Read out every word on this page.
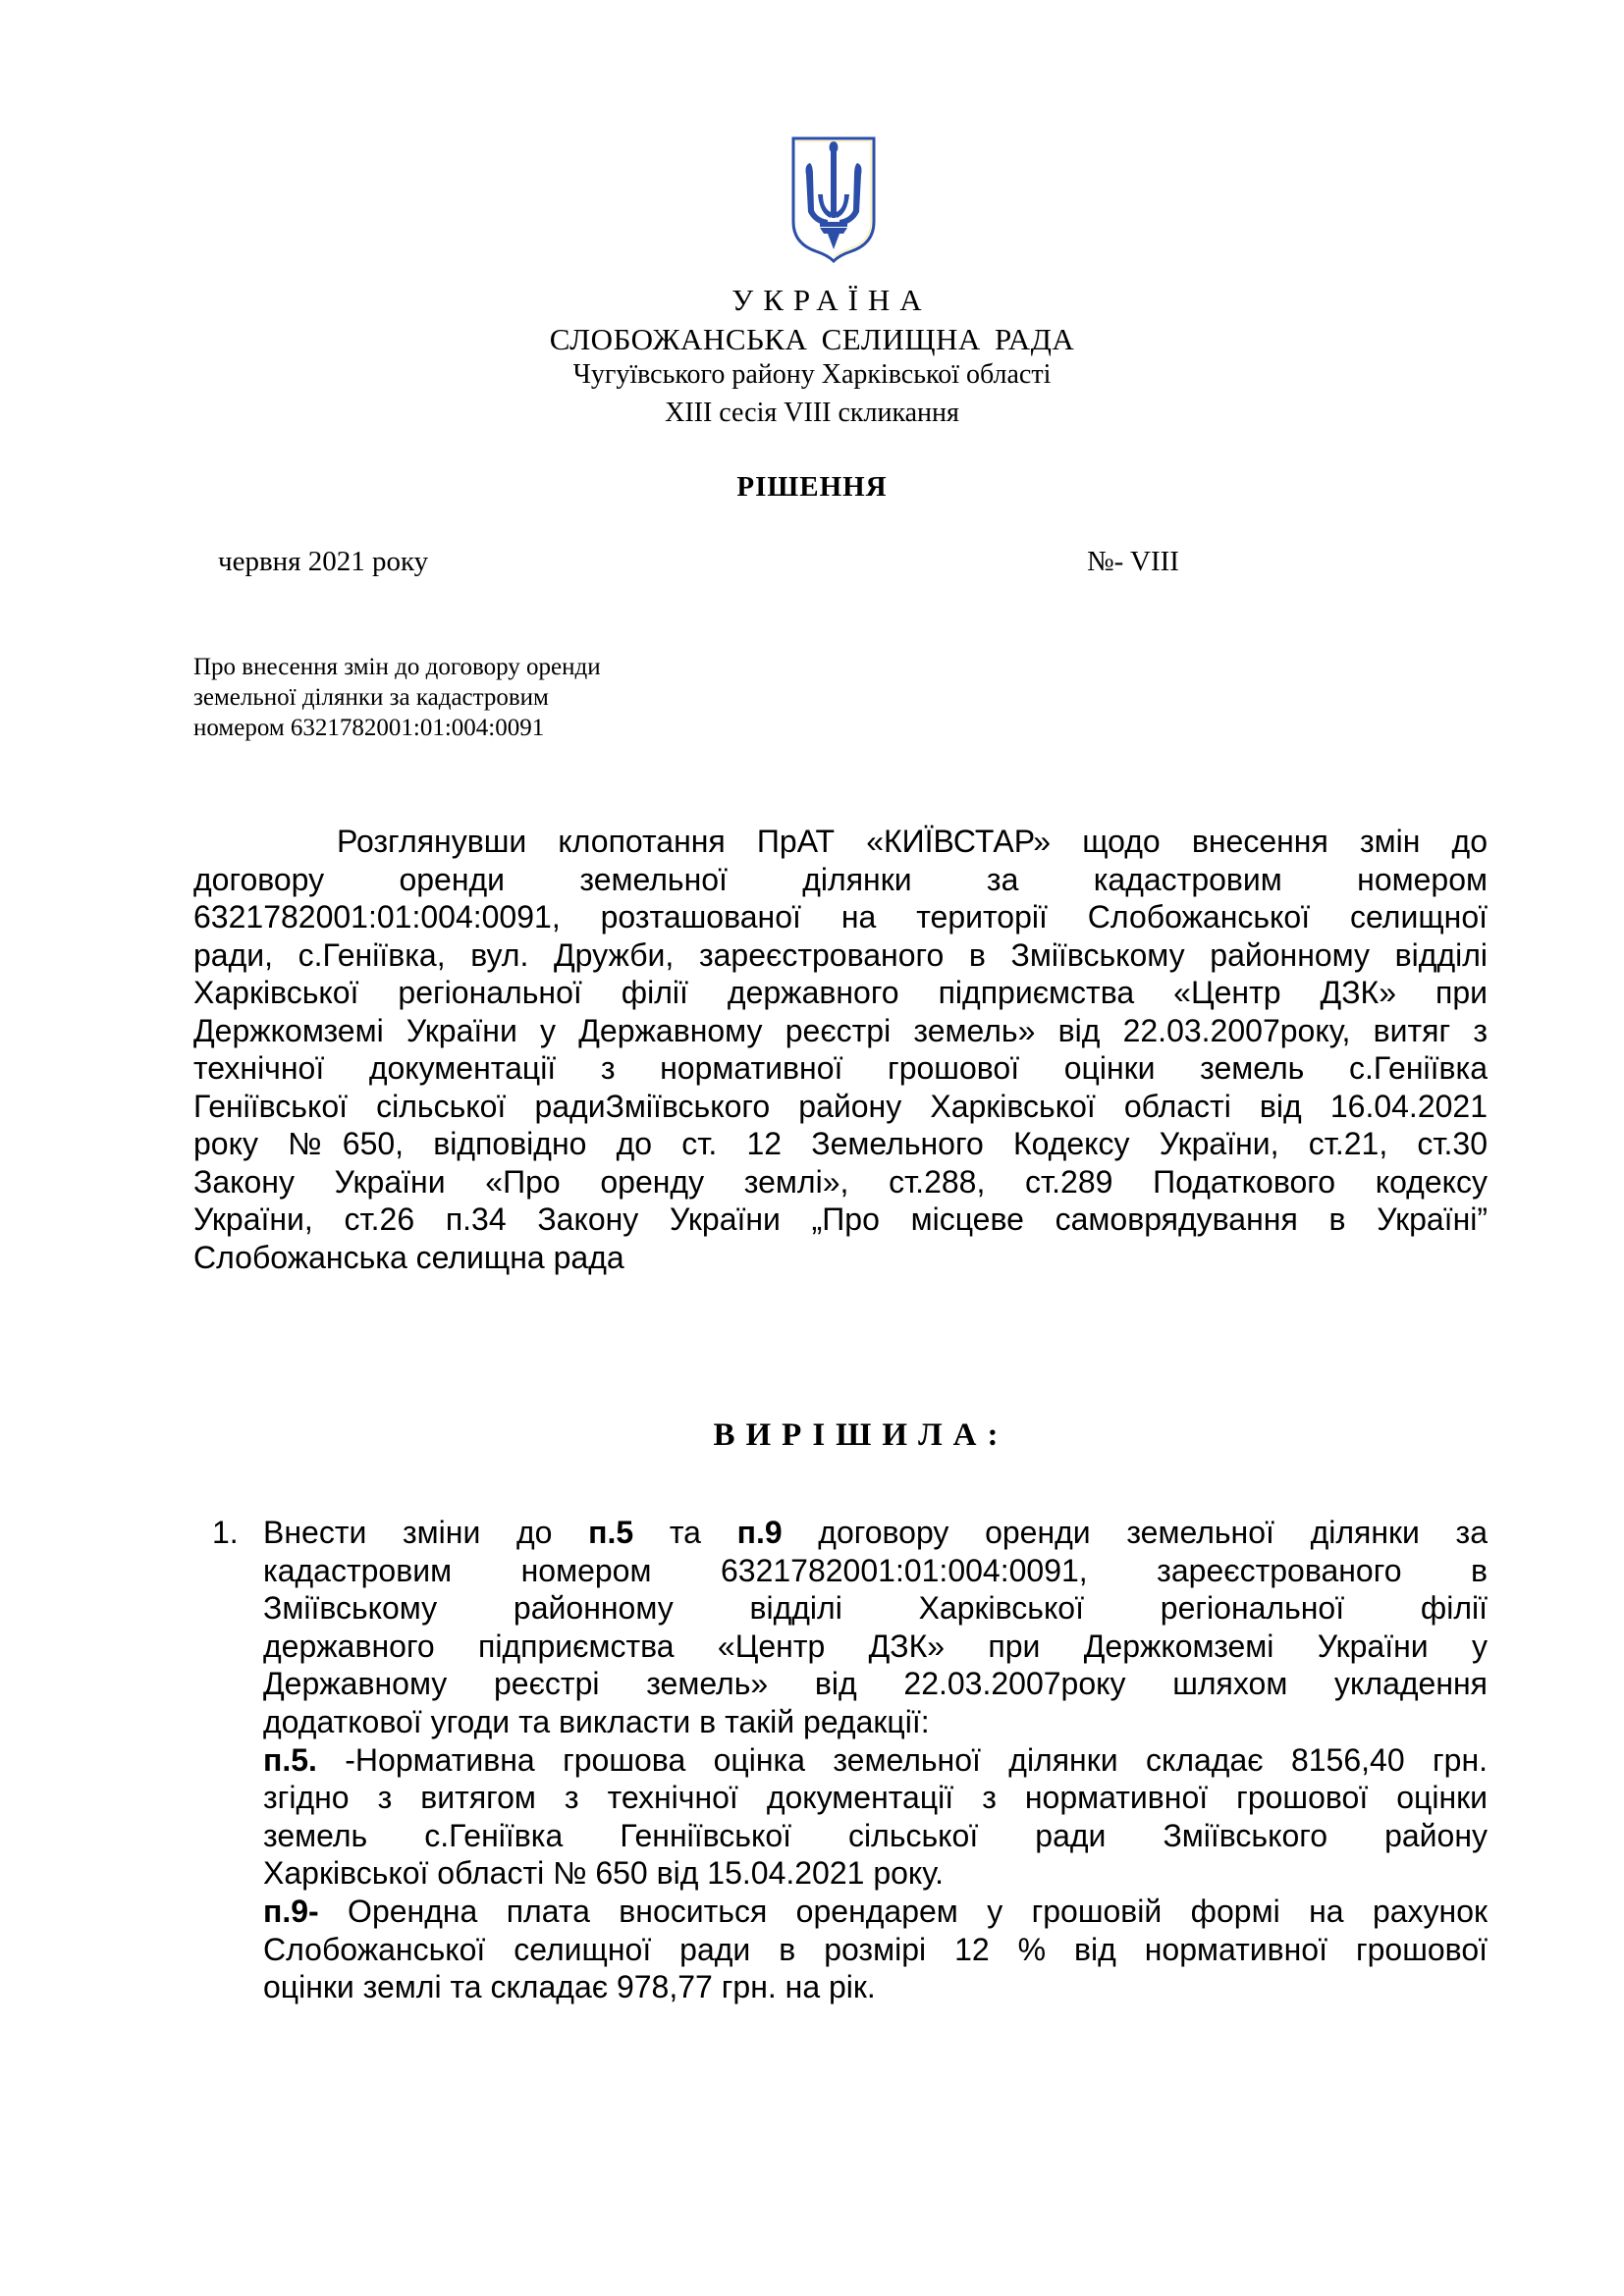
УКРАЇНА
СЛОБОЖАНСЬКА СЕЛИЩНА РАДА
Чугуївського району Харківської області
XIII сесія VIII скликання
РІШЕННЯ
червня 2021 року	№- VIII
Про внесення змін до договору оренди
земельної ділянки за кадастровим
номером 6321782001:01:004:0091
Розглянувши клопотання ПрАТ «КИЇВСТАР» щодо внесення змін до
договору оренди земельної ділянки за кадастровим номером
6321782001:01:004:0091, розташованої на території Слобожанської селищної
ради, с.Геніївка, вул. Дружби, зареєстрованого в Зміївському районному відділі
Харківської регіональної філії державного підприємства «Центр ДЗК» при
Держкомземі України у Державному реєстрі земель» від 22.03.2007року, витяг з
технічної документації з нормативної грошової оцінки земель с.Геніївка
Геніївської сільської радиЗміївського району Харківської області від 16.04.2021
року №650, відповідно до ст. 12 Земельного Кодексу України, ст.21, ст.30
Закону України «Про оренду землі», ст.288, ст.289 Податкового кодексу
України, ст.26 п.34 Закону України „Про місцеве самоврядування в Україні”
Слобожанська селищна рада
ВИРІШИЛА:
1. Внести зміни до п.5 та п.9 договору оренди земельної ділянки за
кадастровим номером 6321782001:01:004:0091, зареєстрованого в
Зміївському районному відділі Харківської регіональної філії
державного підприємства «Центр ДЗК» при Держкомземі України у
Державному реєстрі земель» від 22.03.2007року шляхом укладення
додаткової угоди та викласти в такій редакції:
п.5. -Нормативна грошова оцінка земельної ділянки складає 8156,40 грн.
згідно з витягом з технічної документації з нормативної грошової оцінки
земель с.Геніївка Генніївської сільської ради Зміївського району
Харківської області № 650 від 15.04.2021 року.
п.9- Орендна плата вноситься орендарем у грошовій формі на рахунок
Слобожанської селищної ради в розмірі 12 % від нормативної грошової
оцінки землі та складає 978,77 грн. на рік.
